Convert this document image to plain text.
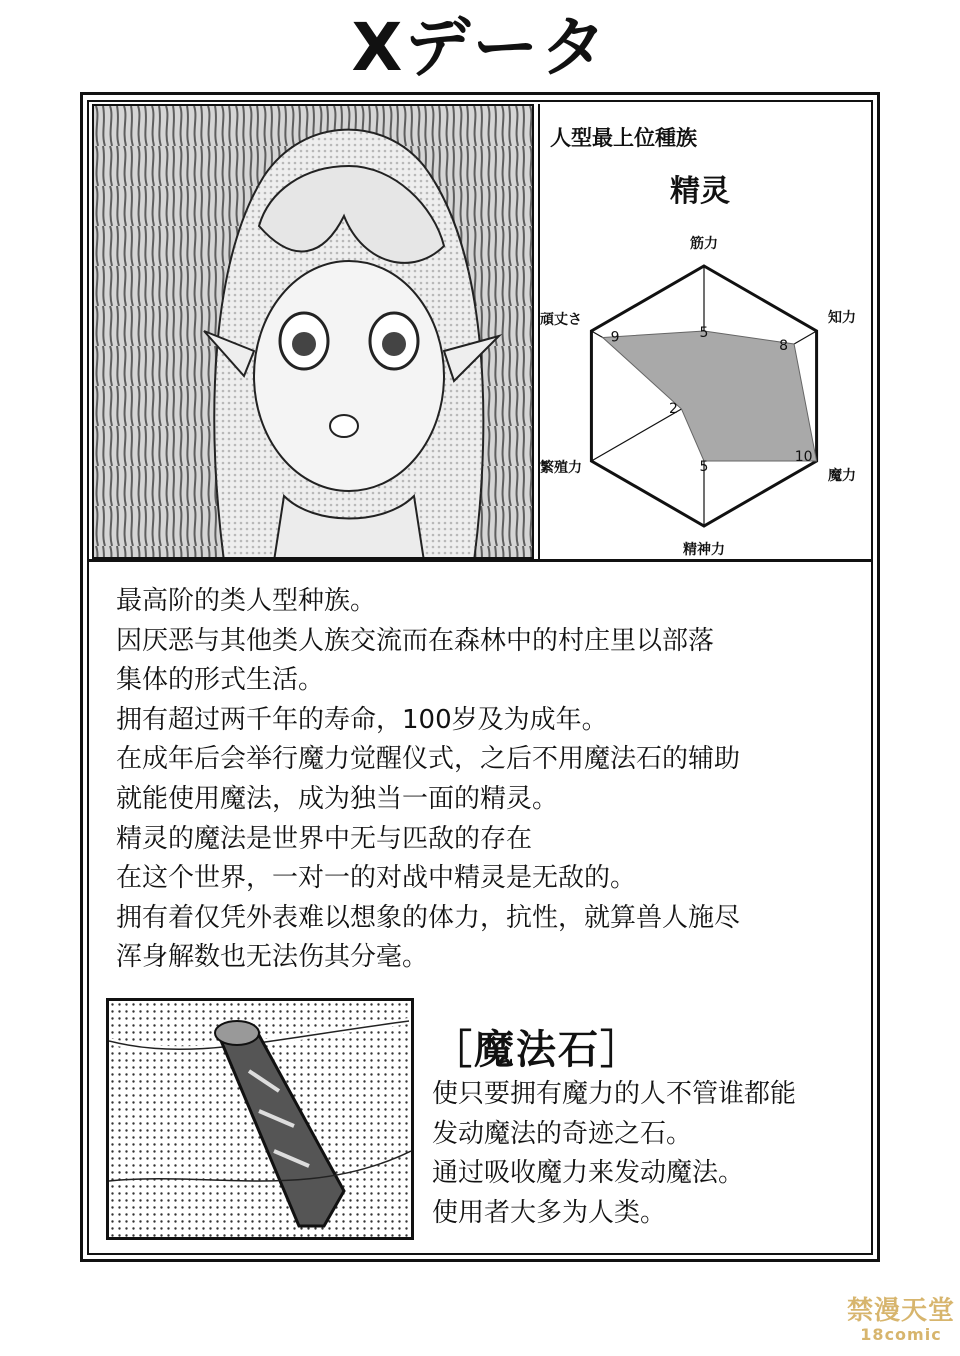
Xデータ
人型最上位種族
精灵
筋力
知力
魔力
精神力
繁殖力
頑丈さ
5
8
10
5
2
9
最高阶的类人型种族。
因厌恶与其他类人族交流而在森林中的村庄里以部落
集体的形式生活。
拥有超过两千年的寿命，100岁及为成年。
在成年后会举行魔力觉醒仪式，之后不用魔法石的辅助
就能使用魔法，成为独当一面的精灵。
精灵的魔法是世界中无与匹敌的存在
在这个世界，一对一的对战中精灵是无敌的。
拥有着仅凭外表难以想象的体力，抗性，就算兽人施尽
浑身解数也无法伤其分毫。
［魔法石］
使只要拥有魔力的人不管谁都能
发动魔法的奇迹之石。
通过吸收魔力来发动魔法。
使用者大多为人类。
禁漫天堂
18comic
